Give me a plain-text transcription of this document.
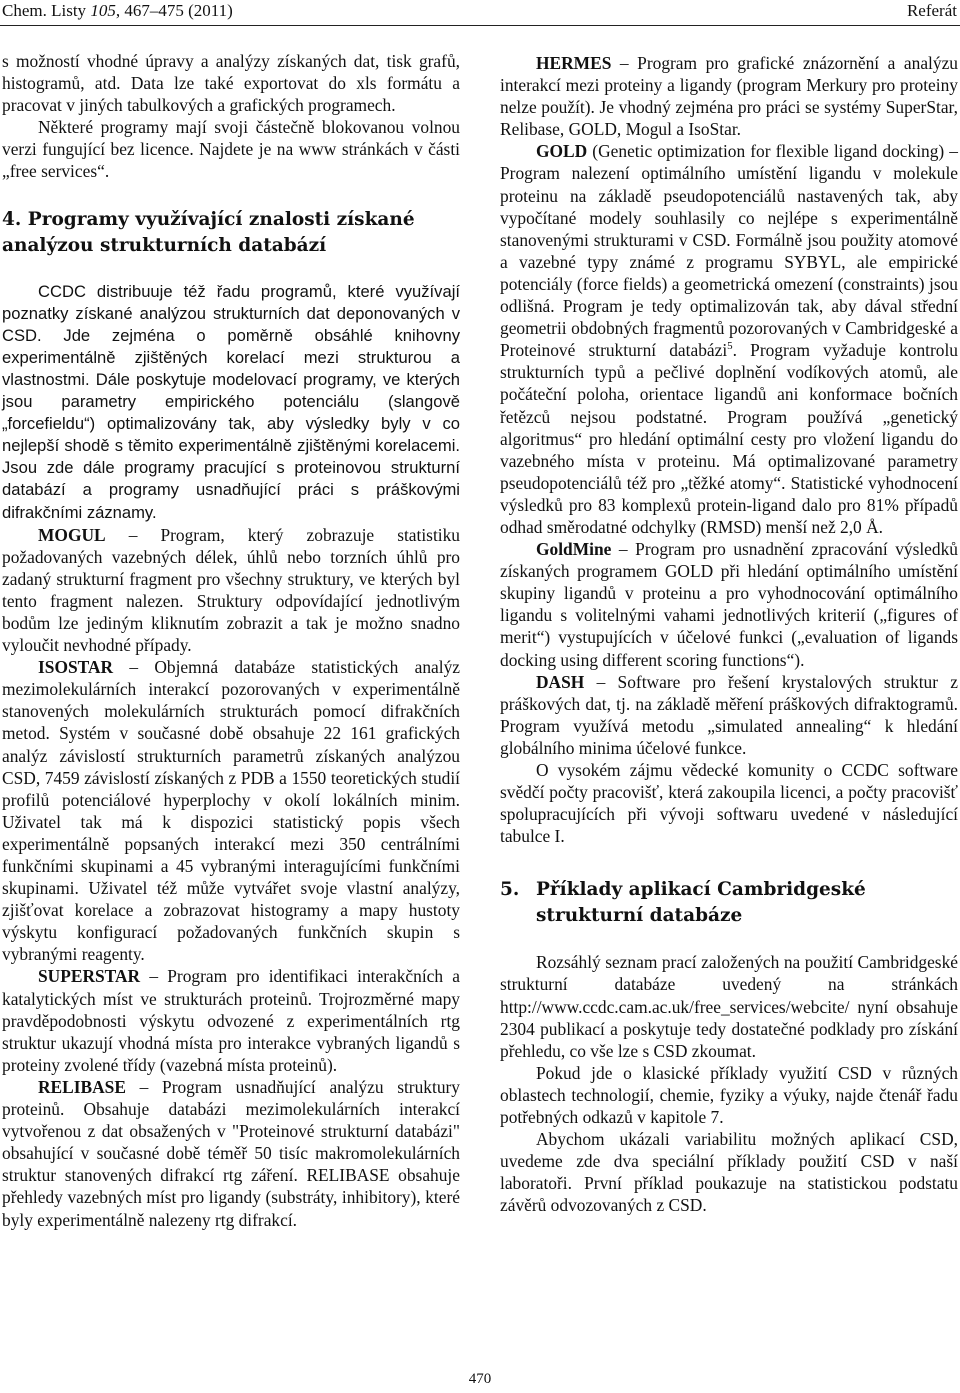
Chem. Listy 105, 467–475 (2011)	Referát

s možností vhodné úpravy a analýzy získaných dat, tisk grafů, histogramů, atd. Data lze také exportovat do xls formátu a pracovat v jiných tabulkových a grafických programech.

Některé programy mají svoji částečně blokovanou volnou verzi fungující bez licence. Najdete je na www stránkách v části „free services“.

4. Programy využívající znalosti získané analýzou strukturních databází

CCDC distribuuje též řadu programů, které využívají poznatky získané analýzou strukturních dat deponovaných v CSD. Jde zejména o poměrně obsáhlé knihovny experimentálně zjištěných korelací mezi strukturou a vlastnostmi. Dále poskytuje modelovací programy, ve kterých jsou parametry empirického potenciálu (slangově „forcefieldu“) optimalizovány tak, aby výsledky byly v co nejlepší shodě s těmito experimentálně zjištěnými korelacemi. Jsou zde dále programy pracující s proteinovou strukturní databází a programy usnadňující práci s práškovými difrakčními záznamy.

MOGUL – Program, který zobrazuje statistiku požadovaných vazebných délek, úhlů nebo torzních úhlů pro zadaný strukturní fragment pro všechny struktury, ve kterých byl tento fragment nalezen. Struktury odpovídající jednotlivým bodům lze jediným kliknutím zobrazit a tak je možno snadno vyloučit nevhodné případy.

ISOSTAR – Objemná databáze statistických analýz mezimolekulárních interakcí pozorovaných v experimentálně stanovených molekulárních strukturách pomocí difrakčních metod. Systém v současné době obsahuje 22 161 grafických analýz závislostí strukturních parametrů získaných analýzou CSD, 7459 závislostí získaných z PDB a 1550 teoretických studií profilů potenciálové hyperplochy v okolí lokálních minim. Uživatel tak má k dispozici statistický popis všech experimentálně popsaných interakcí mezi 350 centrálními funkčními skupinami a 45 vybranými interagujícími funkčními skupinami. Uživatel též může vytvářet svoje vlastní analýzy, zjišťovat korelace a zobrazovat histogramy a mapy hustoty výskytu konfigurací požadovaných funkčních skupin s vybranými reagenty.

SUPERSTAR – Program pro identifikaci interakčních a katalytických míst ve strukturách proteinů. Trojrozměrné mapy pravděpodobnosti výskytu odvozené z experimentálních rtg struktur ukazují vhodná místa pro interakce vybraných ligandů s proteiny zvolené třídy (vazebná místa proteinů).

RELIBASE – Program usnadňující analýzu struktury proteinů. Obsahuje databázi mezimolekulárních interakcí vytvořenou z dat obsažených v "Proteinové strukturní databázi" obsahující v současné době téměř 50 tisíc makromolekulárních struktur stanovených difrakcí rtg záření. RELIBASE obsahuje přehledy vazebných míst pro ligandy (substráty, inhibitory), které byly experimentálně nalezeny rtg difrakcí.

HERMES – Program pro grafické znázornění a analýzu interakcí mezi proteiny a ligandy (program Merkury pro proteiny nelze použít). Je vhodný zejména pro práci se systémy SuperStar, Relibase, GOLD, Mogul a IsoStar.

GOLD (Genetic optimization for flexible ligand docking) – Program nalezení optimálního umístění ligandu v molekule proteinu na základě pseudopotenciálů nastavených tak, aby vypočítané modely souhlasily co nejlépe s experimentálně stanovenými strukturami v CSD. Formálně jsou použity atomové a vazebné typy známé z programu SYBYL, ale empirické potenciály (force fields) a geometrická omezení (constraints) jsou odlišná. Program je tedy optimalizován tak, aby dával střední geometrii obdobných fragmentů pozorovaných v Cambridgeské a Proteinové strukturní databázi$^5$. Program vyžaduje kontrolu strukturních typů a pečlivé doplnění vodíkových atomů, ale počáteční poloha, orientace ligandů ani konformace bočních řetězců nejsou podstatné. Program používá „genetický algoritmus“ pro hledání optimální cesty pro vložení ligandu do vazebného místa v proteinu. Má optimalizované parametry pseudopotenciálů též pro „těžké atomy“. Statistické vyhodnocení výsledků pro 83 komplexů protein-ligand dalo pro 81% případů odhad směrodatné odchylky (RMSD) menší než 2,0 Å.

GoldMine – Program pro usnadnění zpracování výsledků získaných programem GOLD při hledání optimálního umístění skupiny ligandů v proteinu a pro vyhodnocování optimálního ligandu s volitelnými vahami jednotlivých kriterií („figures of merit“) vystupujících v účelové funkci („evaluation of ligands docking using different scoring functions“).

DASH – Software pro řešení krystalových struktur z práškových dat, tj. na základě měření práškových difraktogramů. Program využívá metodu „simulated annealing“ k hledání globálního minima účelové funkce.

O vysokém zájmu vědecké komunity o CCDC software svědčí počty pracovišť, která zakoupila licenci, a počty pracovišť spolupracujících při vývoji softwaru uvedené v následující tabulce I.

5. Příklady aplikací Cambridgeské strukturní databáze

Rozsáhlý seznam prací založených na použití Cambridgeské strukturní databáze uvedený na stránkách http://www.ccdc.cam.ac.uk/free_services/webcite/ nyní obsahuje 2304 publikací a poskytuje tedy dostatečné podklady pro získání přehledu, co vše lze s CSD zkoumat.

Pokud jde o klasické příklady využití CSD v různých oblastech technologií, chemie, fyziky a výuky, najde čtenář řadu potřebných odkazů v kapitole 7.

Abychom ukázali variabilitu možných aplikací CSD, uvedeme zde dva speciální příklady použití CSD v naší laboratoři. První příklad poukazuje na statistickou podstatu závěrů odvozovaných z CSD.

470
